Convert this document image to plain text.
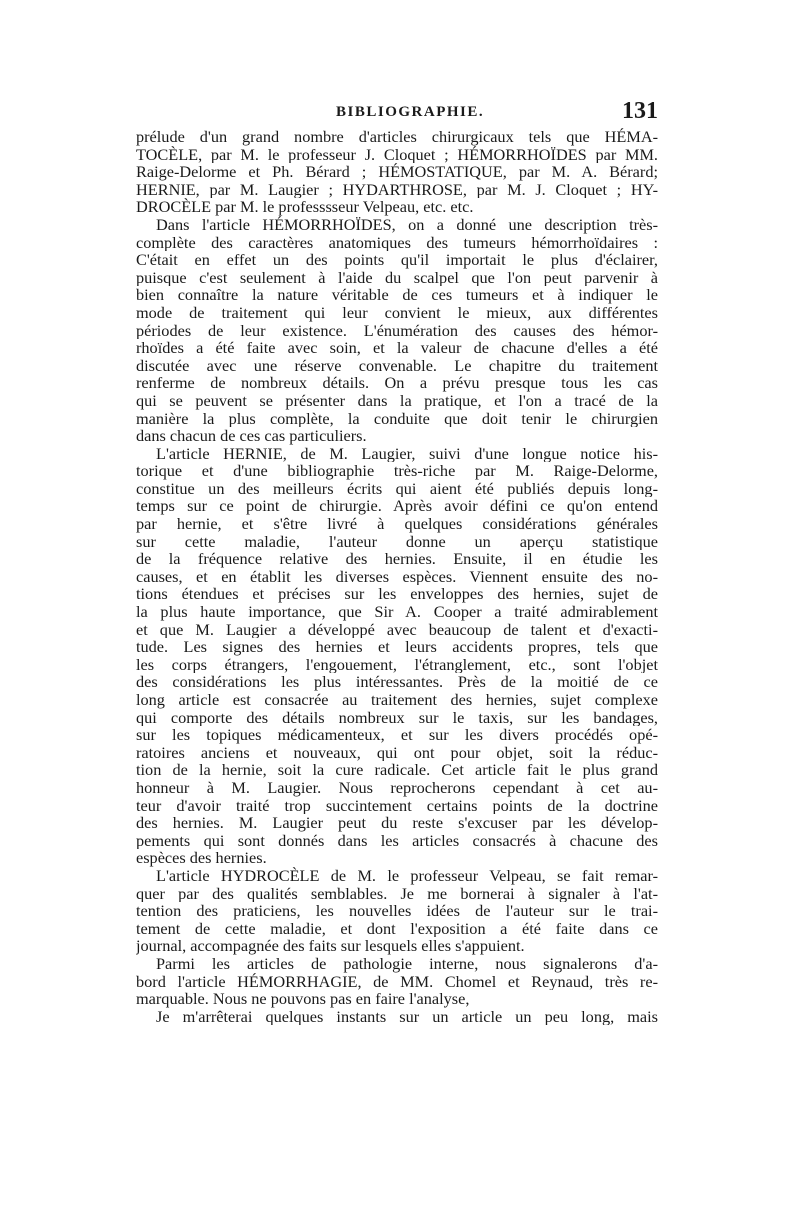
BIBLIOGRAPHIE.	131
prélude d'un grand nombre d'articles chirurgicaux tels que HÉMA-
TOCÈLE, par M. le professeur J. Cloquet ; HÉMORRHOÏDES par MM.
Raige-Delorme et Ph. Bérard ; HÉMOSTATIQUE, par M. A. Bérard;
HERNIE, par M. Laugier ; HYDARTHROSE, par M. J. Cloquet ; HY-
DROCÈLE par M. le professsseur Velpeau, etc. etc.
Dans l'article HÉMORRHOÏDES, on a donné une description très-
complète des caractères anatomiques des tumeurs hémorrhoïdaires :
C'était en effet un des points qu'il importait le plus d'éclairer,
puisque c'est seulement à l'aide du scalpel que l'on peut parvenir à
bien connaître la nature véritable de ces tumeurs et à indiquer le
mode de traitement qui leur convient le mieux, aux différentes
périodes de leur existence. L'énumération des causes des hémor-
rhoïdes a été faite avec soin, et la valeur de chacune d'elles a été
discutée avec une réserve convenable. Le chapitre du traitement
renferme de nombreux détails. On a prévu presque tous les cas
qui se peuvent se présenter dans la pratique, et l'on a tracé de la
manière la plus complète, la conduite que doit tenir le chirurgien
dans chacun de ces cas particuliers.
L'article HERNIE, de M. Laugier, suivi d'une longue notice his-
torique et d'une bibliographie très-riche par M. Raige-Delorme,
constitue un des meilleurs écrits qui aient été publiés depuis long-
temps sur ce point de chirurgie. Après avoir défini ce qu'on entend
par hernie, et s'être livré à quelques considérations générales
sur cette maladie, l'auteur donne un aperçu statistique
de la fréquence relative des hernies. Ensuite, il en étudie les
causes, et en établit les diverses espèces. Viennent ensuite des no-
tions étendues et précises sur les enveloppes des hernies, sujet de
la plus haute importance, que Sir A. Cooper a traité admirablement
et que M. Laugier a développé avec beaucoup de talent et d'exacti-
tude. Les signes des hernies et leurs accidents propres, tels que
les corps étrangers, l'engouement, l'étranglement, etc., sont l'objet
des considérations les plus intéressantes. Près de la moitié de ce
long article est consacrée au traitement des hernies, sujet complexe
qui comporte des détails nombreux sur le taxis, sur les bandages,
sur les topiques médicamenteux, et sur les divers procédés opé-
ratoires anciens et nouveaux, qui ont pour objet, soit la réduc-
tion de la hernie, soit la cure radicale. Cet article fait le plus grand
honneur à M. Laugier. Nous reprocherons cependant à cet au-
teur d'avoir traité trop succintement certains points de la doctrine
des hernies. M. Laugier peut du reste s'excuser par les dévelop-
pements qui sont donnés dans les articles consacrés à chacune des
espèces des hernies.
L'article HYDROCÈLE de M. le professeur Velpeau, se fait remar-
quer par des qualités semblables. Je me bornerai à signaler à l'at-
tention des praticiens, les nouvelles idées de l'auteur sur le trai-
tement de cette maladie, et dont l'exposition a été faite dans ce
journal, accompagnée des faits sur lesquels elles s'appuient.
Parmi les articles de pathologie interne, nous signalerons d'a-
bord l'article HÉMORRHAGIE, de MM. Chomel et Reynaud, très re-
marquable. Nous ne pouvons pas en faire l'analyse,
Je m'arrêterai quelques instants sur un article un peu long, mais
